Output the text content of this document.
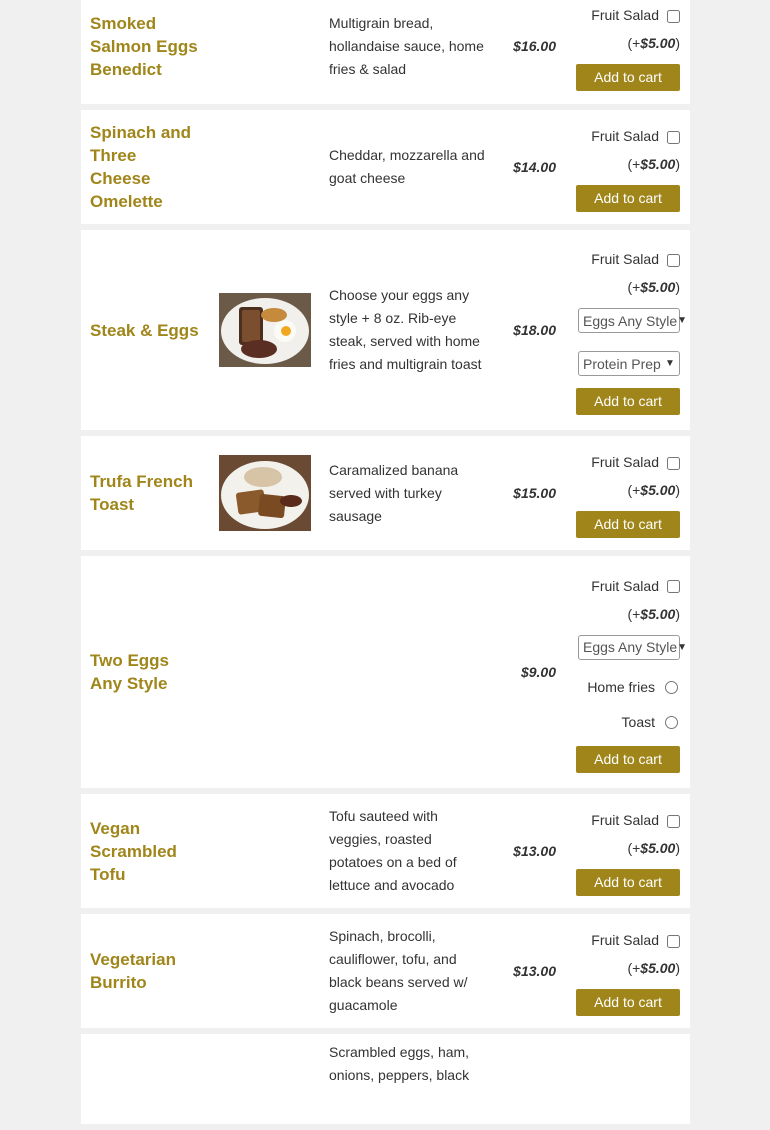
Smoked Salmon Eggs Benedict
Multigrain bread, hollandaise sauce, home fries & salad
$16.00
Fruit Salad
(+$5.00)
Add to cart
Spinach and Three Cheese Omelette
Cheddar, mozzarella and goat cheese
$14.00
Fruit Salad
(+$5.00)
Add to cart
Steak & Eggs
Choose your eggs any style + 8 oz. Rib-eye steak, served with home fries and multigrain toast
$18.00
Fruit Salad
(+$5.00)
Eggs Any Style ▼
Protein Prep ▼
Add to cart
Trufa French Toast
Caramalized banana served with turkey sausage
$15.00
Fruit Salad
(+$5.00)
Add to cart
Two Eggs Any Style
$9.00
Fruit Salad
(+$5.00)
Eggs Any Style ▼
Home fries
Toast
Add to cart
Vegan Scrambled Tofu
Tofu sauteed with veggies, roasted potatoes on a bed of lettuce and avocado
$13.00
Fruit Salad
(+$5.00)
Add to cart
Vegetarian Burrito
Spinach, brocolli, cauliflower, tofu, and black beans served w/ guacamole
$13.00
Fruit Salad
(+$5.00)
Add to cart
Scrambled eggs, ham, onions, peppers, black
